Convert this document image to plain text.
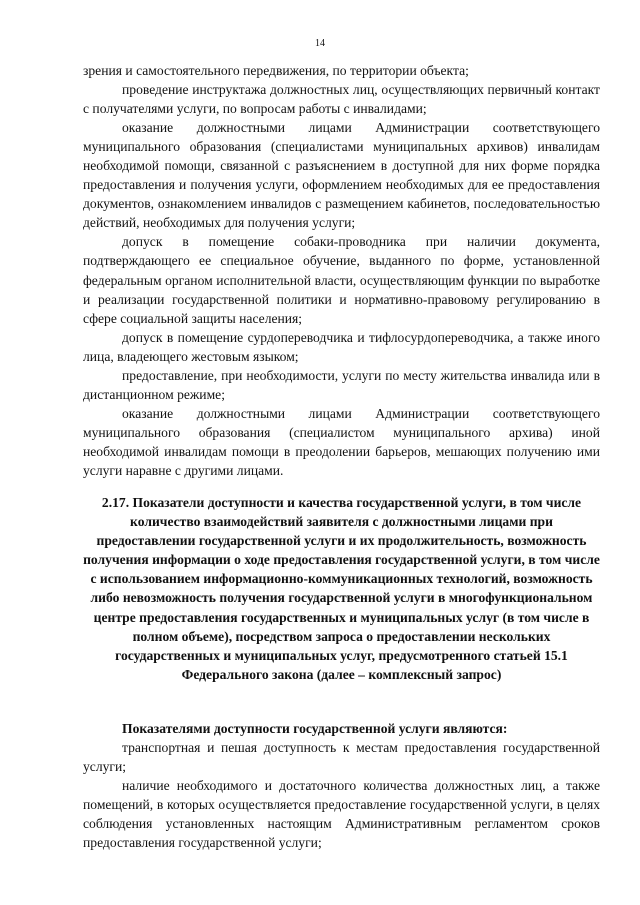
14

зрения и самостоятельного передвижения, по территории объекта;

проведение инструктажа должностных лиц, осуществляющих первичный контакт с получателями услуги, по вопросам работы с инвалидами;

оказание должностными лицами Администрации соответствующего муниципального образования (специалистами муниципальных архивов) инвалидам необходимой помощи, связанной с разъяснением в доступной для них форме порядка предоставления и получения услуги, оформлением необходимых для ее предоставления документов, ознакомлением инвалидов с размещением кабинетов, последовательностью действий, необходимых для получения услуги;

допуск в помещение собаки-проводника при наличии документа, подтверждающего ее специальное обучение, выданного по форме, установленной федеральным органом исполнительной власти, осуществляющим функции по выработке и реализации государственной политики и нормативно-правовому регулированию в сфере социальной защиты населения;

допуск в помещение сурдопереводчика и тифлосурдопереводчика, а также иного лица, владеющего жестовым языком;

предоставление, при необходимости, услуги по месту жительства инвалида или в дистанционном режиме;

оказание должностными лицами Администрации соответствующего муниципального образования (специалистом муниципального архива) иной необходимой инвалидам помощи в преодолении барьеров, мешающих получению ими услуги наравне с другими лицами.

2.17. Показатели доступности и качества государственной услуги, в том числе количество взаимодействий заявителя с должностными лицами при предоставлении государственной услуги и их продолжительность, возможность получения информации о ходе предоставления государственной услуги, в том числе с использованием информационно-коммуникационных технологий, возможность либо невозможность получения государственной услуги в многофункциональном центре предоставления государственных и муниципальных услуг (в том числе в полном объеме), посредством запроса о предоставлении нескольких государственных и муниципальных услуг, предусмотренного статьей 15.1 Федерального закона (далее – комплексный запрос)

Показателями доступности государственной услуги являются:

транспортная и пешая доступность к местам предоставления государственной услуги;

наличие необходимого и достаточного количества должностных лиц, а также помещений, в которых осуществляется предоставление государственной услуги, в целях соблюдения установленных настоящим Административным регламентом сроков предоставления государственной услуги;
